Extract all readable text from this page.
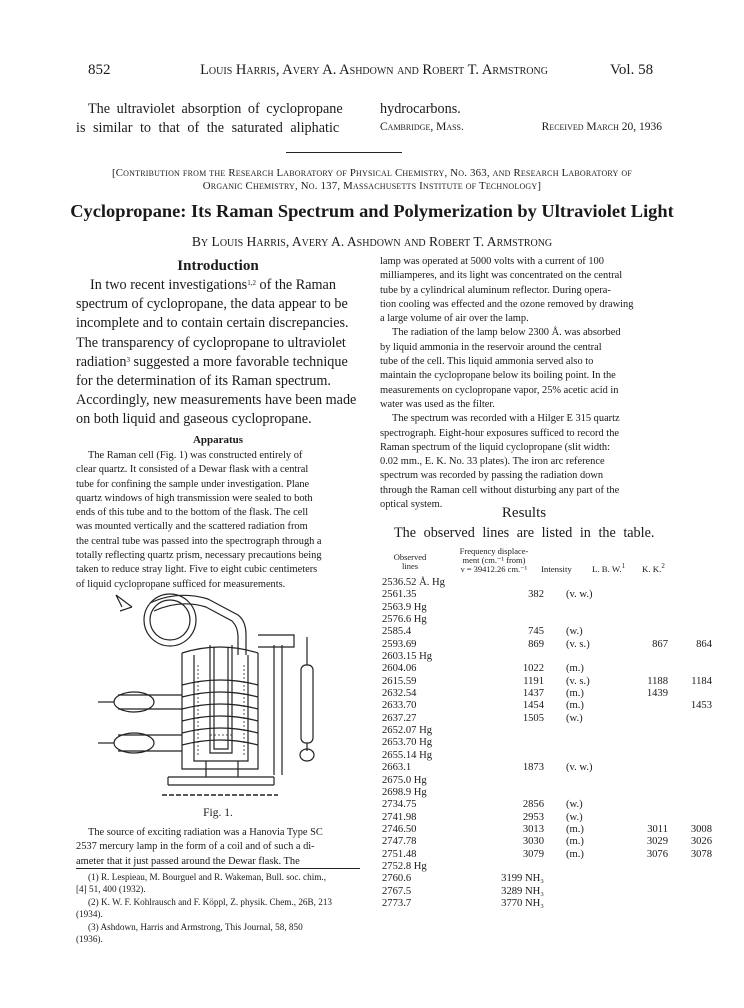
852	Louis Harris, Avery A. Ashdown and Robert T. Armstrong	Vol. 58
The ultraviolet absorption of cyclopropane
is similar to that of the saturated aliphatic
hydrocarbons.
Cambridge, Mass.	Received March 20, 1936
[Contribution from the Research Laboratory of Physical Chemistry, No. 363, and Research Laboratory of
Organic Chemistry, No. 137, Massachusetts Institute of Technology]
Cyclopropane: Its Raman Spectrum and Polymerization by Ultraviolet Light
By Louis Harris, Avery A. Ashdown and Robert T. Armstrong
Introduction
In two recent investigations$^{1,2}$ of the Raman
spectrum of cyclopropane, the data appear to be
incomplete and to contain certain discrepancies.
The transparency of cyclopropane to ultraviolet
radiation$^3$ suggested a more favorable technique
for the determination of its Raman spectrum.
Accordingly, new measurements have been made
on both liquid and gaseous cyclopropane.
Apparatus
The Raman cell (Fig. 1) was constructed entirely of
clear quartz. It consisted of a Dewar flask with a central
tube for confining the sample under investigation. Plane
quartz windows of high transmission were sealed to both
ends of this tube and to the bottom of the flask. The cell
was mounted vertically and the scattered radiation from
the central tube was passed into the spectrograph through a
totally reflecting quartz prism, necessary precautions being
taken to reduce stray light. Five to eight cubic centimeters
of liquid cyclopropane sufficed for measurements.
Fig. 1.
The source of exciting radiation was a Hanovia Type SC
2537 mercury lamp in the form of a coil and of such a di-
ameter that it just passed around the Dewar flask. The
(1) R. Lespieau, M. Bourguel and R. Wakeman, Bull. soc. chim.,
[4] 51, 400 (1932).
(2) K. W. F. Kohlrausch and F. Köppl, Z. physik. Chem., 26B, 213
(1934).
(3) Ashdown, Harris and Armstrong, This Journal, 58, 850
(1936).
lamp was operated at 5000 volts with a current of 100
milliamperes, and its light was concentrated on the central
tube by a cylindrical aluminum reflector. During opera-
tion cooling was effected and the ozone removed by drawing
a large volume of air over the lamp.
The radiation of the lamp below 2300 Å. was absorbed
by liquid ammonia in the reservoir around the central
tube of the cell. This liquid ammonia served also to
maintain the cyclopropane below its boiling point. In the
measurements on cyclopropane vapor, 25% acetic acid in
water was used as the filter.
The spectrum was recorded with a Hilger E 315 quartz
spectrograph. Eight-hour exposures sufficed to record the
Raman spectrum of the liquid cyclopropane (slit width:
0.02 mm., E. K. No. 33 plates). The iron arc reference
spectrum was recorded by passing the radiation down
through the Raman cell without disturbing any part of the
optical system.
Results
The observed lines are listed in the table.
Observed
lines
Frequency displace-
ment (cm.⁻¹ from)
ν = 39412.26 cm.⁻¹	Intensity L. B. W.$^1$ K. K.$^2$
2536.52 Å. Hg				
2561.35	382	(v. w.)		
2563.9 Hg				
2576.6 Hg				
2585.4	745	(w.)		
2593.69	869	(v. s.)	867	864
2603.15 Hg				
2604.06	1022	(m.)		
2615.59	1191	(v. s.)	1188	1184
2632.54	1437	(m.)	1439	
2633.70	1454	(m.)		1453
2637.27	1505	(w.)		
2652.07 Hg				
2653.70 Hg				
2655.14 Hg				
2663.1	1873	(v. w.)		
2675.0 Hg				
2698.9 Hg				
2734.75	2856	(w.)		
2741.98	2953	(w.)		
2746.50	3013	(m.)	3011	3008
2747.78	3030	(m.)	3029	3026
2751.48	3079	(m.)	3076	3078
2752.8 Hg				
2760.6	3199 NH₃			
2767.5	3289 NH₃			
2773.7	3770 NH₃			
